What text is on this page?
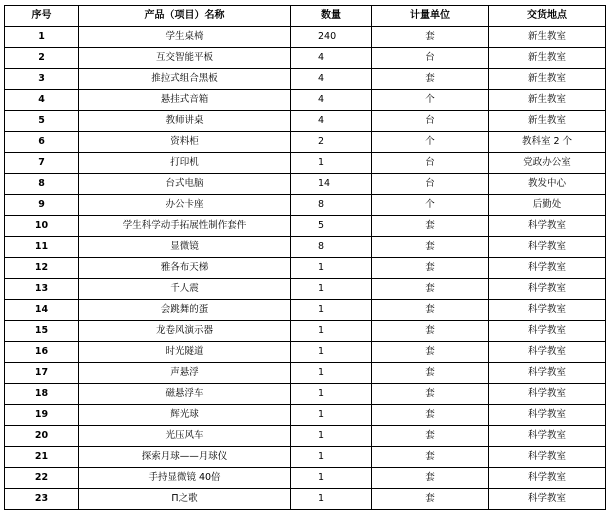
序号	产品（项目）名称	数量	计量单位	交货地点
1	学生桌椅	240	套	新生教室
2	互交智能平板	4	台	新生教室
3	推拉式组合黑板	4	套	新生教室
4	悬挂式音箱	4	个	新生教室
5	教师讲桌	4	台	新生教室
6	资料柜	2	个	教科室 2 个
7	打印机	1	台	党政办公室
8	台式电脑	14	台	教发中心
9	办公卡座	8	个	后勤处
10	学生科学动手拓展性制作套件	5	套	科学教室
11	显微镜	8	套	科学教室
12	雅各布天梯	1	套	科学教室
13	千人震	1	套	科学教室
14	会跳舞的蛋	1	套	科学教室
15	龙卷风演示器	1	套	科学教室
16	时光隧道	1	套	科学教室
17	声悬浮	1	套	科学教室
18	磁悬浮车	1	套	科学教室
19	辉光球	1	套	科学教室
20	光压风车	1	套	科学教室
21	探索月球——月球仪	1	套	科学教室
22	手持显微镜 40倍	1	套	科学教室
23	Π之歌	1	套	科学教室
